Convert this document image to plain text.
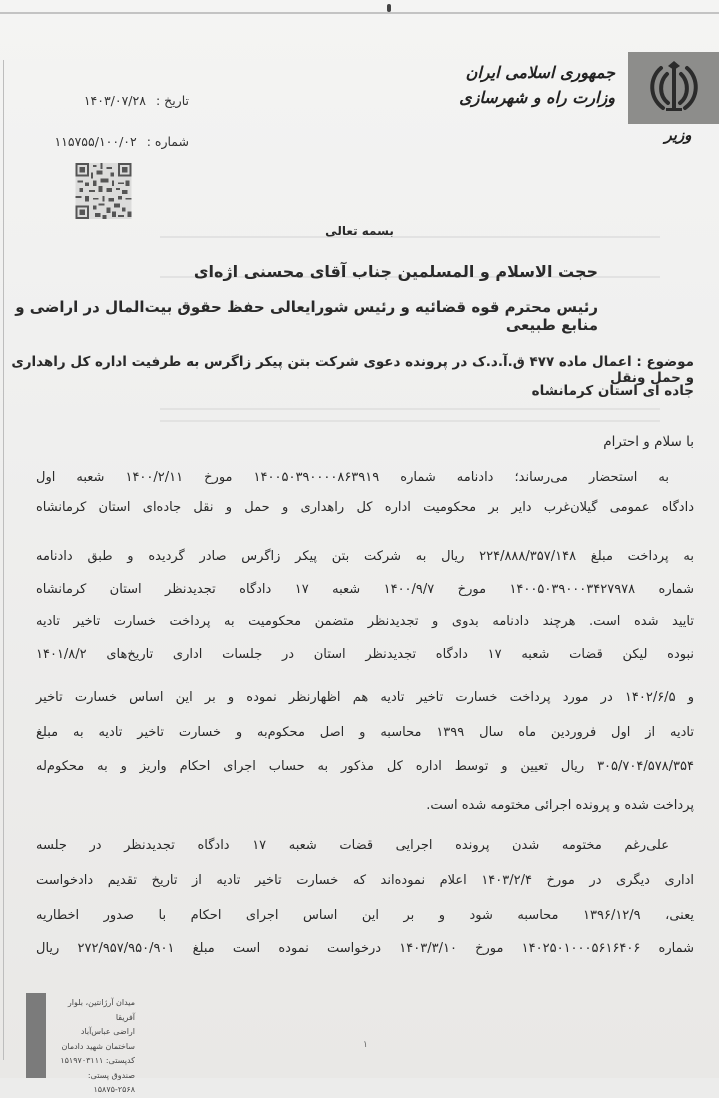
جمهوری اسلامی ایران
وزارت راه و شهرسازی
وزیر
تاریخ : ۱۴۰۳/۰۷/۲۸
شماره : ۱۱۵۷۵۵/۱۰۰/۰۲
بسمه تعالی
حجت الاسلام و المسلمین جناب آقای محسنی اژه‌ای
رئیس محترم قوه قضائیه و رئیس شورایعالی حفظ حقوق بیت‌المال در اراضی و منابع طبیعی
موضوع : اعمال ماده ۴۷۷ ق.آ.د.ک در پرونده دعوی شرکت بتن پیکر زاگرس به طرفیت اداره کل راهداری و حمل ونقل
جاده ای استان کرمانشاه
با سلام و احترام
به استحضار می‌رساند؛ دادنامه شماره ۱۴۰۰۵۰۳۹۰۰۰۰۸۶۳۹۱۹ مورخ ۱۴۰۰/۲/۱۱ شعبه اول
دادگاه عمومی گیلان‌غرب دایر بر محکومیت اداره کل راهداری و حمل و نقل جاده‌ای استان کرمانشاه
به پرداخت مبلغ ۲۲۴/۸۸۸/۳۵۷/۱۴۸ ریال به شرکت بتن پیکر زاگرس صادر گردیده و طبق دادنامه
شماره ۱۴۰۰۵۰۳۹۰۰۰۳۴۲۷۹۷۸ مورخ ۱۴۰۰/۹/۷ شعبه ۱۷ دادگاه تجدیدنظر استان کرمانشاه
تایید شده است. هرچند دادنامه بدوی و تجدیدنظر متضمن محکومیت به پرداخت خسارت تاخیر تادیه
نبوده لیکن قضات شعبه ۱۷ دادگاه تجدیدنظر استان در جلسات اداری تاریخ‌های ۱۴۰۱/۸/۲
و ۱۴۰۲/۶/۵ در مورد پرداخت خسارت تاخیر تادیه هم اظهارنظر نموده و بر این اساس خسارت تاخیر
تادیه از اول فروردین ماه سال ۱۳۹۹ محاسبه و اصل محکوم‌به و خسارت تاخیر تادیه به مبلغ
۳۰۵/۷۰۴/۵۷۸/۳۵۴ ریال تعیین و توسط اداره کل مذکور به حساب اجرای احکام واریز و به محکوم‌له
پرداخت شده و پرونده اجرائی مختومه شده است.
علی‌رغم مختومه شدن پرونده اجرایی قضات شعبه ۱۷ دادگاه تجدیدنظر در جلسه
اداری دیگری در مورخ ۱۴۰۳/۲/۴ اعلام نموده‌اند که خسارت تاخیر تادیه از تاریخ تقدیم دادخواست
یعنی، ۱۳۹۶/۱۲/۹ محاسبه شود و بر این اساس اجرای احکام با صدور اخطاریه
شماره ۱۴۰۲۵۰۱۰۰۰۵۶۱۶۴۰۶ مورخ ۱۴۰۳/۳/۱۰ درخواست نموده است مبلغ ۲۷۲/۹۵۷/۹۵۰/۹۰۱ ریال
میدان آرژانتین، بلوار آفریقا
اراضی عباس‌آباد
ساختمان شهید دادمان
کدپستی: ۱۵۱۹۷۰۳۱۱۱
صندوق پستی: ۲۵۶۸-۱۵۸۷۵
۱
